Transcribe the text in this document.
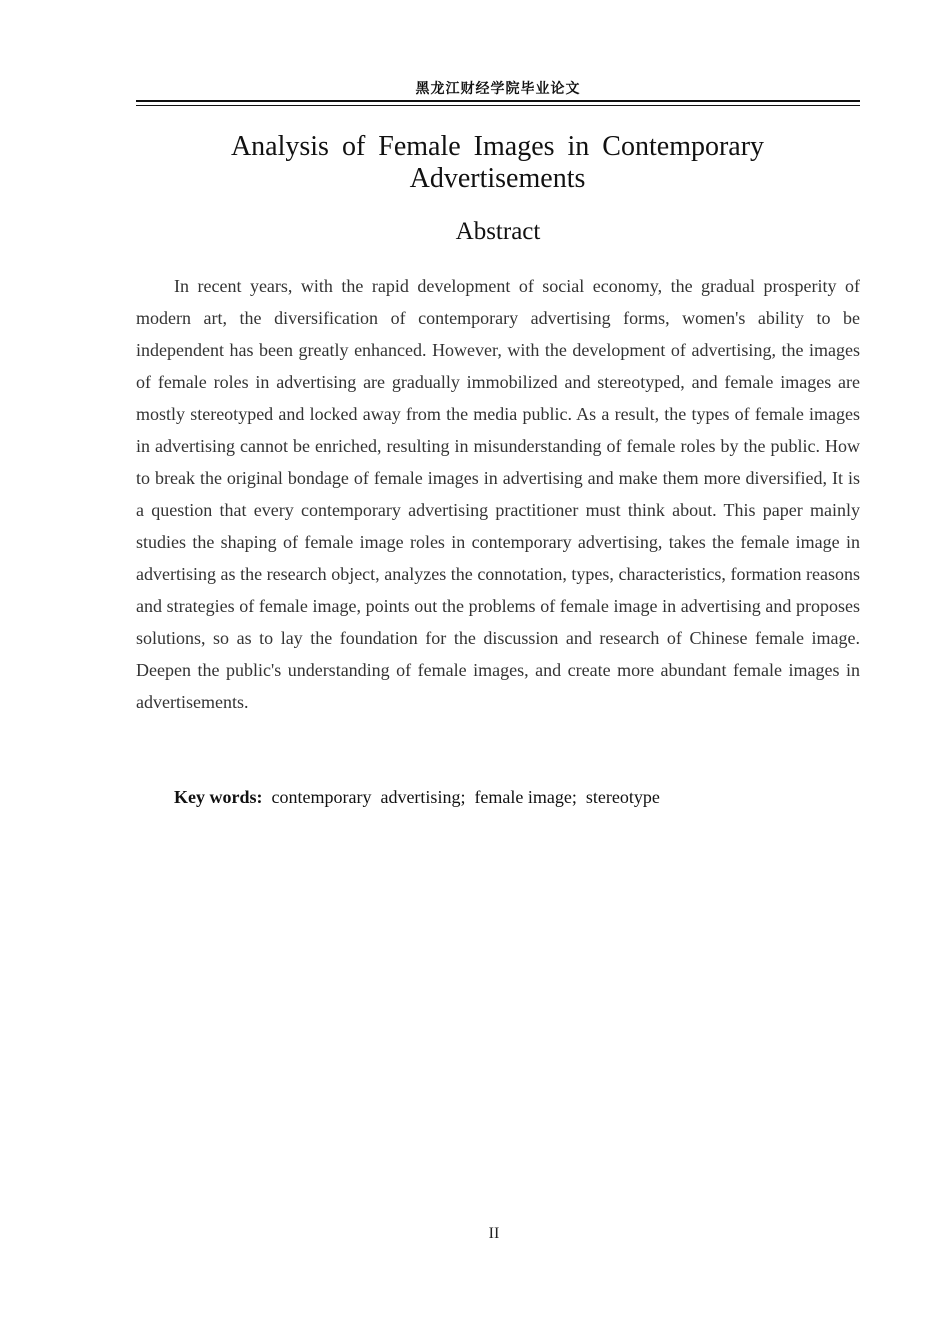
黑龙江财经学院毕业论文
Analysis of Female Images in Contemporary Advertisements
Abstract

In recent years, with the rapid development of social economy, the gradual prosperity of modern art, the diversification of contemporary advertising forms, women's ability to be independent has been greatly enhanced. However, with the development of advertising, the images of female roles in advertising are gradually immobilized and stereotyped, and female images are mostly stereotyped and locked away from the media public. As a result, the types of female images in advertising cannot be enriched, resulting in misunderstanding of female roles by the public. How to break the original bondage of female images in advertising and make them more diversified, It is a question that every contemporary advertising practitioner must think about. This paper mainly studies the shaping of female image roles in contemporary advertising, takes the female image in advertising as the research object, analyzes the connotation, types, characteristics, formation reasons and strategies of female image, points out the problems of female image in advertising and proposes solutions, so as to lay the foundation for the discussion and research of Chinese female image. Deepen the public's understanding of female images, and create more abundant female images in advertisements.

Key words:  contemporary  advertising;  female image;  stereotype
II
